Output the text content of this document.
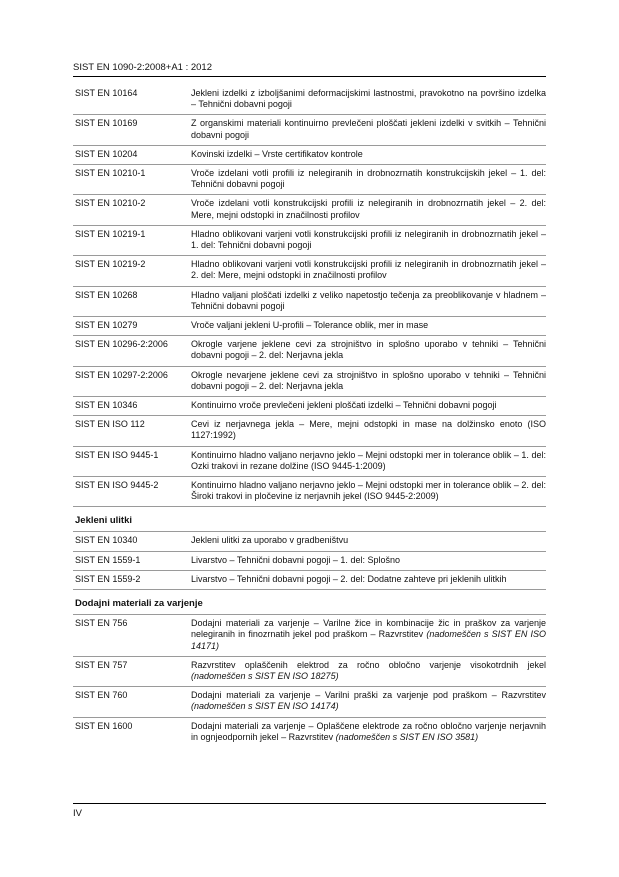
SIST EN 1090-2:2008+A1 : 2012
SIST EN 10164	Jekleni izdelki z izboljšanimi deformacijskimi lastnostmi, pravokotno na površino izdelka – Tehnični dobavni pogoji
SIST EN 10169	Z organskimi materiali kontinuirno prevlečeni ploščati jekleni izdelki v svitkih – Tehnični dobavni pogoji
SIST EN 10204	Kovinski izdelki – Vrste certifikatov kontrole
SIST EN 10210-1	Vroče izdelani votli profili iz nelegiranih in drobnozrnatih konstrukcijskih jekel – 1. del: Tehnični dobavni pogoji
SIST EN 10210-2	Vroče izdelani votli konstrukcijski profili iz nelegiranih in drobnozrnatih jekel – 2. del: Mere, mejni odstopki in značilnosti profilov
SIST EN 10219-1	Hladno oblikovani varjeni votli konstrukcijski profili iz nelegiranih in drobnozrnatih jekel – 1. del: Tehnični dobavni pogoji
SIST EN 10219-2	Hladno oblikovani varjeni votli konstrukcijski profili iz nelegiranih in drobnozrnatih jekel – 2. del: Mere, mejni odstopki in značilnosti profilov
SIST EN 10268	Hladno valjani ploščati izdelki z veliko napetostjo tečenja za preoblikovanje v hladnem – Tehnični dobavni pogoji
SIST EN 10279	Vroče valjani jekleni U-profili – Tolerance oblik, mer in mase
SIST EN 10296-2:2006	Okrogle varjene jeklene cevi za strojništvo in splošno uporabo v tehniki – Tehnični dobavni pogoji – 2. del: Nerjavna jekla
SIST EN 10297-2:2006	Okrogle nevarjene jeklene cevi za strojništvo in splošno uporabo v tehniki – Tehnični dobavni pogoji – 2. del: Nerjavna jekla
SIST EN 10346	Kontinuirno vroče prevlečeni jekleni ploščati izdelki – Tehnični dobavni pogoji
SIST EN ISO 112	Cevi iz nerjavnega jekla – Mere, mejni odstopki in mase na dolžinsko enoto (ISO 1127:1992)
SIST EN ISO 9445-1	Kontinuirno hladno valjano nerjavno jeklo – Mejni odstopki mer in tolerance oblik – 1. del: Ozki trakovi in rezane dolžine (ISO 9445-1:2009)
SIST EN ISO 9445-2	Kontinuirno hladno valjano nerjavno jeklo – Mejni odstopki mer in tolerance oblik – 2. del: Široki trakovi in pločevine iz nerjavnih jekel (ISO 9445-2:2009)
Jekleni ulitki
SIST EN 10340	Jekleni ulitki za uporabo v gradbeništvu
SIST EN 1559-1	Livarstvo – Tehnični dobavni pogoji – 1. del: Splošno
SIST EN 1559-2	Livarstvo – Tehnični dobavni pogoji – 2. del: Dodatne zahteve pri jeklenih ulitkih
Dodajni materiali za varjenje
SIST EN 756	Dodajni materiali za varjenje – Varilne žice in kombinacije žic in praškov za varjenje nelegiranih in finozrnatih jekel pod praškom – Razvrstitev (nadomeščen s SIST EN ISO 14171)
SIST EN 757	Razvrstitev oplaščenih elektrod za ročno obločno varjenje visokotrdnih jekel (nadomeščen s SIST EN ISO 18275)
SIST EN 760	Dodajni materiali za varjenje – Varilni praški za varjenje pod praškom – Razvrstitev (nadomeščen s SIST EN ISO 14174)
SIST EN 1600	Dodajni materiali za varjenje – Oplaščene elektrode za ročno obločno varjenje nerjavnih in ognjeodpornih jekel – Razvrstitev (nadomeščen s SIST EN ISO 3581)
IV
